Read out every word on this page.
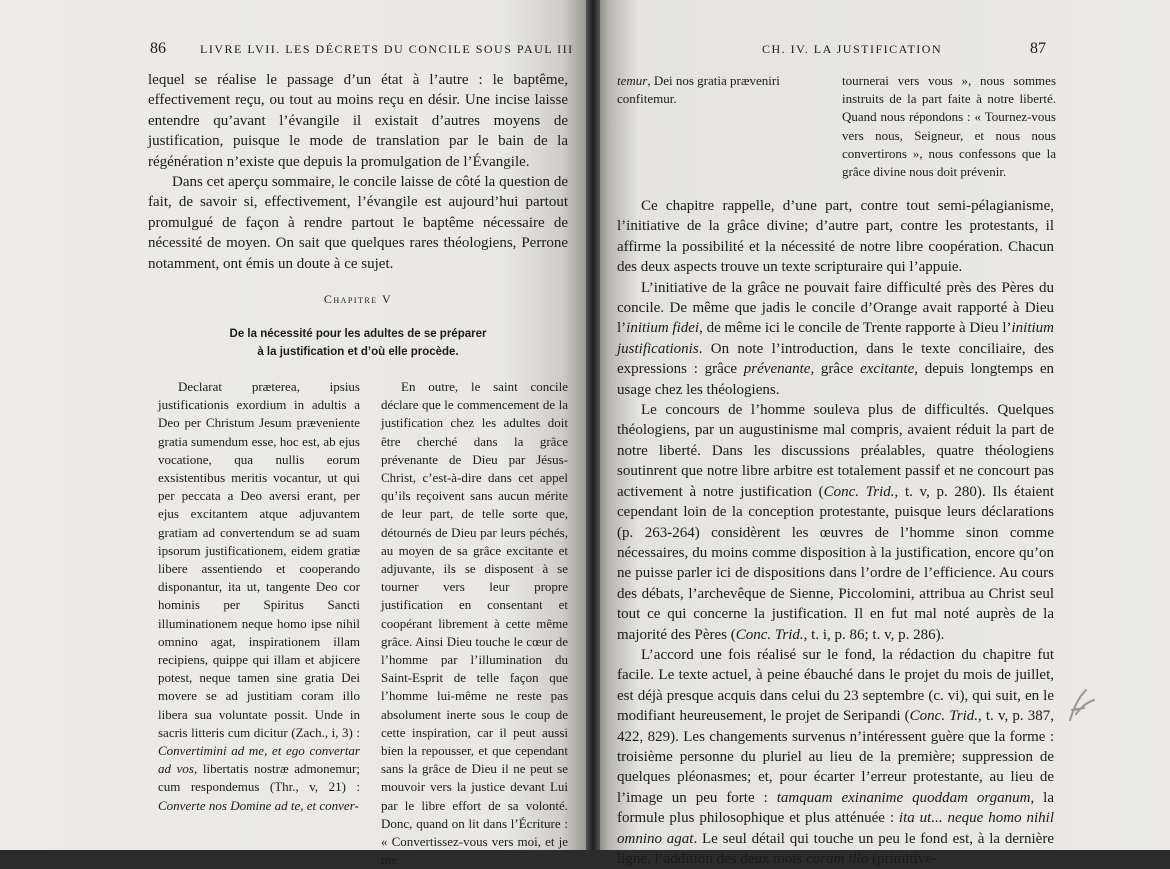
86	LIVRE LVII. LES DÉCRETS DU CONCILE SOUS PAUL III

lequel se réalise le passage d’un état à l’autre : le baptême, effectivement reçu, ou tout au moins reçu en désir. Une incise laisse entendre qu’avant l’évangile il existait d’autres moyens de justification, puisque le mode de translation par le bain de la régénération n’existe que depuis la promulgation de l’Évangile.

Dans cet aperçu sommaire, le concile laisse de côté la question de fait, de savoir si, effectivement, l’évangile est aujourd’hui partout promulgué de façon à rendre partout le baptême nécessaire de nécessité de moyen. On sait que quelques rares théologiens, Perrone notamment, ont émis un doute à ce sujet.

Chapitre V
De la nécessité pour les adultes de se préparer
à la justification et d’où elle procède.

Declarat præterea, ipsius justificationis exordium in adultis a Deo per Christum Jesum præveniente gratia sumendum esse, hoc est, ab ejus vocatione, qua nullis eorum exsistentibus meritis vocantur, ut qui per peccata a Deo aversi erant, per ejus excitantem atque adjuvantem gratiam ad convertendum se ad suam ipsorum justificationem, eidem gratiæ libere assentiendo et cooperando disponantur, ita ut, tangente Deo cor hominis per Spiritus Sancti illuminationem neque homo ipse nihil omnino agat, inspirationem illam recipiens, quippe qui illam et abjicere potest, neque tamen sine gratia Dei movere se ad justitiam coram illo libera sua voluntate possit. Unde in sacris litteris cum dicitur (Zach., i, 3) : Convertimini ad me, et ego convertar ad vos, libertatis nostræ admonemur; cum respondemus (Thr., v, 21) : Converte nos Domine ad te, et conver-

En outre, le saint concile déclare que le commencement de la justification chez les adultes doit être cherché dans la grâce prévenante de Dieu par Jésus-Christ, c’est-à-dire dans cet appel qu’ils reçoivent sans aucun mérite de leur part, de telle sorte que, détournés de Dieu par leurs péchés, au moyen de sa grâce excitante et adjuvante, ils se disposent à se tourner vers leur propre justification en consentant et coopérant librement à cette même grâce. Ainsi Dieu touche le cœur de l’homme par l’illumination du Saint-Esprit de telle façon que l’homme lui-même ne reste pas absolument inerte sous le coup de cette inspiration, car il peut aussi bien la repousser, et que cependant sans la grâce de Dieu il ne peut se mouvoir vers la justice devant Lui par le libre effort de sa volonté. Donc, quand on lit dans l’Écriture : « Convertissez-vous vers moi, et je me

CH. IV. LA JUSTIFICATION	87
temur, Dei nos gratia præveniri confitemur.
tournerai vers vous », nous sommes instruits de la part faite à notre liberté. Quand nous répondons : « Tournez-vous vers nous, Seigneur, et nous nous convertirons », nous confessons que la grâce divine nous doit prévenir.

Ce chapitre rappelle, d’une part, contre tout semi-pélagianisme, l’initiative de la grâce divine; d’autre part, contre les protestants, il affirme la possibilité et la nécessité de notre libre coopération. Chacun des deux aspects trouve un texte scripturaire qui l’appuie.

L’initiative de la grâce ne pouvait faire difficulté près des Pères du concile. De même que jadis le concile d’Orange avait rapporté à Dieu l’initium fidei, de même ici le concile de Trente rapporte à Dieu l’initium justificationis. On note l’introduction, dans le texte conciliaire, des expressions : grâce prévenante, grâce excitante, depuis longtemps en usage chez les théologiens.

Le concours de l’homme souleva plus de difficultés. Quelques théologiens, par un augustinisme mal compris, avaient réduit la part de notre liberté. Dans les discussions préalables, quatre théologiens soutinrent que notre libre arbitre est totalement passif et ne concourt pas activement à notre justification (Conc. Trid., t. v, p. 280). Ils étaient cependant loin de la conception protestante, puisque leurs déclarations (p. 263-264) considèrent les œuvres de l’homme sinon comme nécessaires, du moins comme disposition à la justification, encore qu’on ne puisse parler ici de dispositions dans l’ordre de l’efficience. Au cours des débats, l’archevêque de Sienne, Piccolomini, attribua au Christ seul tout ce qui concerne la justification. Il en fut mal noté auprès de la majorité des Pères (Conc. Trid., t. i, p. 86; t. v, p. 286).

L’accord une fois réalisé sur le fond, la rédaction du chapitre fut facile. Le texte actuel, à peine ébauché dans le projet du mois de juillet, est déjà presque acquis dans celui du 23 septembre (c. vi), qui suit, en le modifiant heureusement, le projet de Seripandi (Conc. Trid., t. v, p. 387, 422, 829). Les changements survenus n’intéressent guère que la forme : troisième personne du pluriel au lieu de la première; suppression de quelques pléonasmes; et, pour écarter l’erreur protestante, au lieu de l’image un peu forte : tamquam exinanime quoddam organum, la formule plus philosophique et plus atténuée : ita ut... neque homo nihil omnino agat. Le seul détail qui touche un peu le fond est, à la dernière ligne, l’addition des deux mots coram illo (primitive-
